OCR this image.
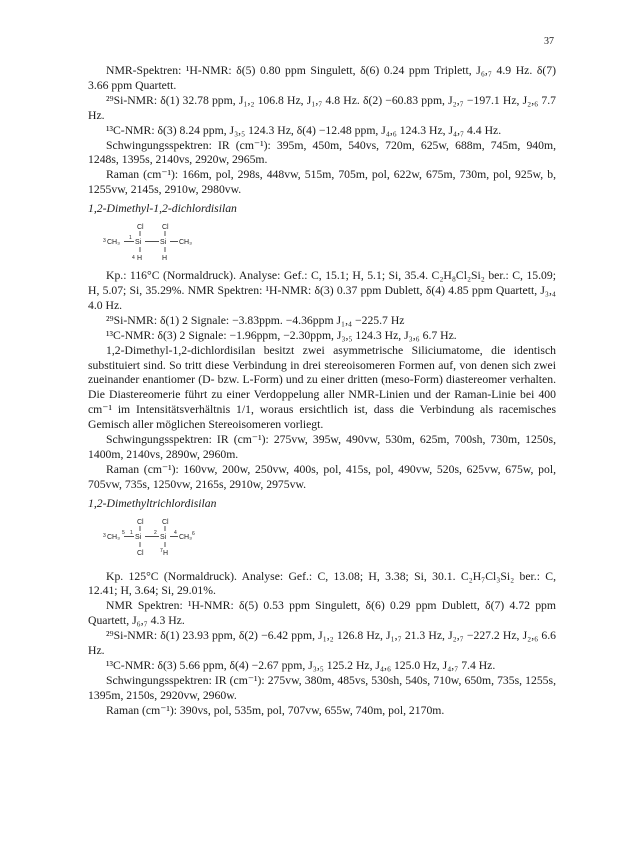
37

NMR-Spektren: ¹H-NMR: δ(5) 0.80 ppm Singulett, δ(6) 0.24 ppm Triplett, J₆,₇ 4.9 Hz. δ(7) 3.66 ppm Quartett.

²⁹Si-NMR: δ(1) 32.78 ppm, J₁,₂ 106.8 Hz, J₁,₇ 4.8 Hz. δ(2) −60.83 ppm, J₂,₇ −197.1 Hz, J₂,₆ 7.7 Hz.

¹³C-NMR: δ(3) 8.24 ppm, J₃,₅ 124.3 Hz, δ(4) −12.48 ppm, J₄,₆ 124.3 Hz, J₄,₇ 4.4 Hz.

Schwingungsspektren: IR (cm⁻¹): 395m, 450m, 540vs, 720m, 625w, 688m, 745m, 940m, 1248s, 1395s, 2140vs, 2920w, 2965m.

Raman (cm⁻¹): 166m, pol, 298s, 448vw, 515m, 705m, pol, 622w, 675m, 730m, pol, 925w, b, 1255vw, 2145s, 2910w, 2980vw.

1,2-Dimethyl-1,2-dichlordisilan

Cl	Cl
3 CH₃
1
Si	Si CH₃
4 H	H

Kp.: 116°C (Normaldruck). Analyse: Gef.: C, 15.1; H, 5.1; Si, 35.4. C₂H₈Cl₂Si₂ ber.: C, 15.09; H, 5.07; Si, 35.29%. NMR Spektren: ¹H-NMR: δ(3) 0.37 ppm Dublett, δ(4) 4.85 ppm Quartett, J₃,₄ 4.0 Hz.

²⁹Si-NMR: δ(1) 2 Signale: −3.83ppm. −4.36ppm J₁,₄ −225.7 Hz

¹³C-NMR: δ(3) 2 Signale: −1.96ppm, −2.30ppm, J₃,₅ 124.3 Hz, J₃,₆ 6.7 Hz.

1,2-Dimethyl-1,2-dichlordisilan besitzt zwei asymmetrische Siliciumatome, die identisch substituiert sind. So tritt diese Verbindung in drei stereoisomeren Formen auf, von denen sich zwei zueinander enantiomer (D- bzw. L-Form) und zu einer dritten (meso-Form) diastereomer verhalten. Die Diastereomerie führt zu einer Verdoppelung aller NMR-Linien und der Raman-Linie bei 400 cm⁻¹ im Intensitätsverhältnis 1/1, woraus ersichtlich ist, dass die Verbindung als racemisches Gemisch aller möglichen Stereoisomeren vorliegt.

Schwingungsspektren: IR (cm⁻¹): 275vw, 395w, 490vw, 530m, 625m, 700sh, 730m, 1250s, 1400m, 2140vs, 2890w, 2960m.

Raman (cm⁻¹): 160vw, 200w, 250vw, 400s, pol, 415s, pol, 490vw, 520s, 625vw, 675w, pol, 705vw, 735s, 1250vw, 2165s, 2910w, 2975vw.

1,2-Dimethyltrichlordisilan

Cl	Cl
3 CH₃
5 1
Si
2
Si
4
CH₃ 6
Cl	7 H

Kp. 125°C (Normaldruck). Analyse: Gef.: C, 13.08; H, 3.38; Si, 30.1. C₂H₇Cl₃Si₂ ber.: C, 12.41; H, 3.64; Si, 29.01%.

NMR Spektren: ¹H-NMR: δ(5) 0.53 ppm Singulett, δ(6) 0.29 ppm Dublett, δ(7) 4.72 ppm Quartett, J₆,₇ 4.3 Hz.

²⁹Si-NMR: δ(1) 23.93 ppm, δ(2) −6.42 ppm, J₁,₂ 126.8 Hz, J₁,₇ 21.3 Hz, J₂,₇ −227.2 Hz, J₂,₆ 6.6 Hz.

¹³C-NMR: δ(3) 5.66 ppm, δ(4) −2.67 ppm, J₃,₅ 125.2 Hz, J₄,₆ 125.0 Hz, J₄,₇ 7.4 Hz.

Schwingungsspektren: IR (cm⁻¹): 275vw, 380m, 485vs, 530sh, 540s, 710w, 650m, 735s, 1255s, 1395m, 2150s, 2920vw, 2960w.

Raman (cm⁻¹): 390vs, pol, 535m, pol, 707vw, 655w, 740m, pol, 2170m.
